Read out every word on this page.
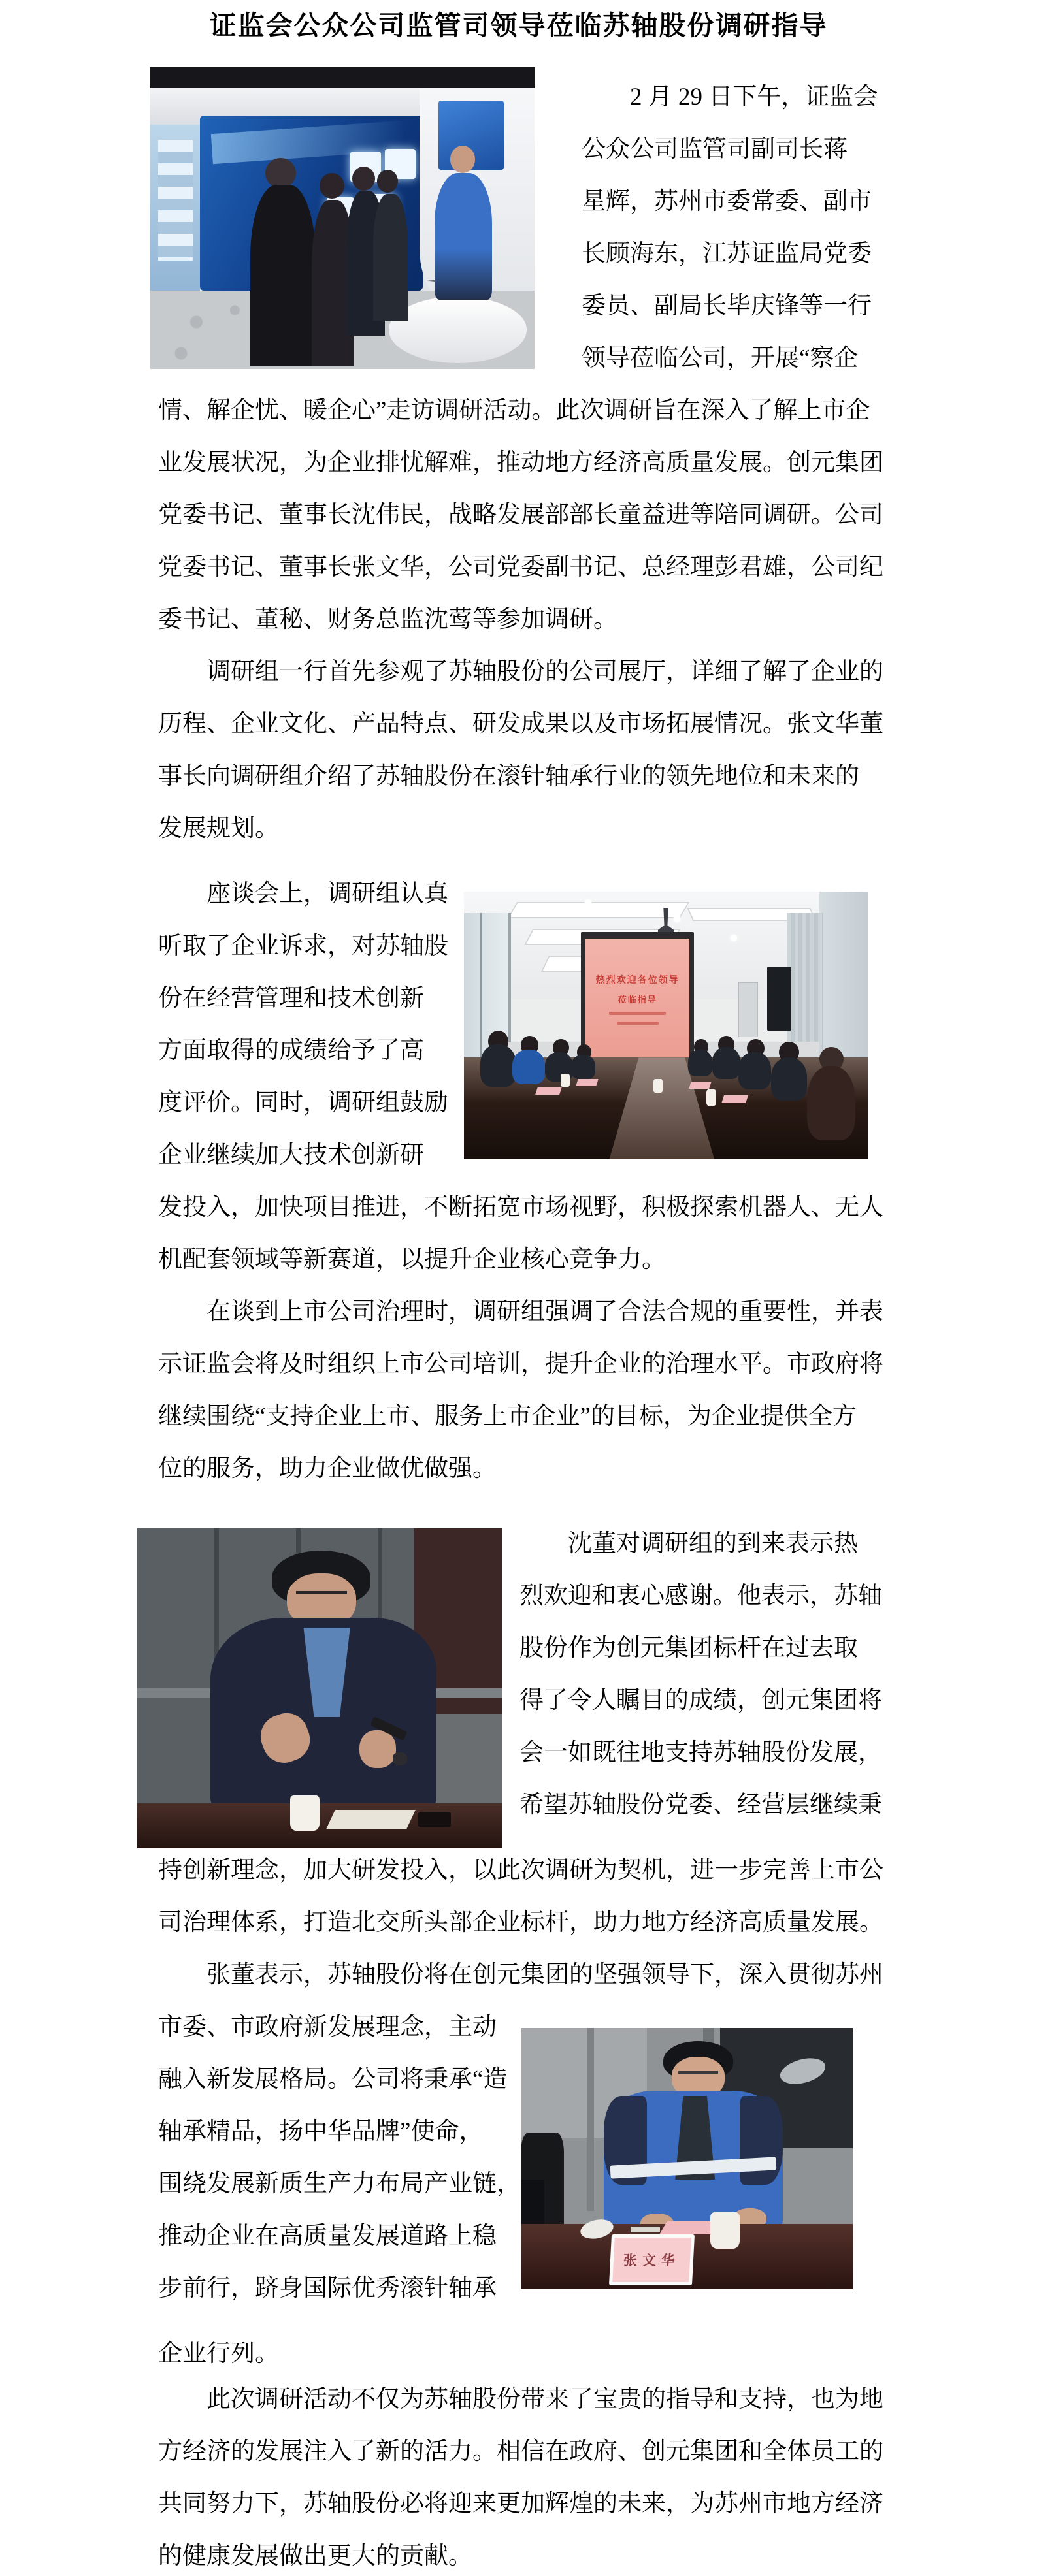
证监会公众公司监管司领导莅临苏轴股份调研指导
　　2 月 29 日下午，证监会
公众公司监管司副司长蒋
星辉，苏州市委常委、副市
长顾海东，江苏证监局党委
委员、副局长毕庆锋等一行
领导莅临公司，开展“察企
情、解企忧、暖企心”走访调研活动。此次调研旨在深入了解上市企
业发展状况，为企业排忧解难，推动地方经济高质量发展。创元集团
党委书记、董事长沈伟民，战略发展部部长童益进等陪同调研。公司
党委书记、董事长张文华，公司党委副书记、总经理彭君雄，公司纪
委书记、董秘、财务总监沈莺等参加调研。
　　调研组一行首先参观了苏轴股份的公司展厅，详细了解了企业的
历程、企业文化、产品特点、研发成果以及市场拓展情况。张文华董
事长向调研组介绍了苏轴股份在滚针轴承行业的领先地位和未来的
发展规划。
　　座谈会上，调研组认真
听取了企业诉求，对苏轴股
份在经营管理和技术创新
方面取得的成绩给予了高
度评价。同时，调研组鼓励
企业继续加大技术创新研
热烈欢迎各位领导
莅临指导
发投入，加快项目推进，不断拓宽市场视野，积极探索机器人、无人
机配套领域等新赛道，以提升企业核心竞争力。
　　在谈到上市公司治理时，调研组强调了合法合规的重要性，并表
示证监会将及时组织上市公司培训，提升企业的治理水平。市政府将
继续围绕“支持企业上市、服务上市企业”的目标，为企业提供全方
位的服务，助力企业做优做强。
　　沈董对调研组的到来表示热
烈欢迎和衷心感谢。他表示，苏轴
股份作为创元集团标杆在过去取
得了令人瞩目的成绩，创元集团将
会一如既往地支持苏轴股份发展，
希望苏轴股份党委、经营层继续秉
持创新理念，加大研发投入，以此次调研为契机，进一步完善上市公
司治理体系，打造北交所头部企业标杆，助力地方经济高质量发展。
　　张董表示，苏轴股份将在创元集团的坚强领导下，深入贯彻苏州
市委、市政府新发展理念，主动
融入新发展格局。公司将秉承“造
轴承精品，扬中华品牌”使命，
围绕发展新质生产力布局产业链，
推动企业在高质量发展道路上稳
步前行，跻身国际优秀滚针轴承
张文华
企业行列。
　　此次调研活动不仅为苏轴股份带来了宝贵的指导和支持，也为地
方经济的发展注入了新的活力。相信在政府、创元集团和全体员工的
共同努力下，苏轴股份必将迎来更加辉煌的未来，为苏州市地方经济
的健康发展做出更大的贡献。
